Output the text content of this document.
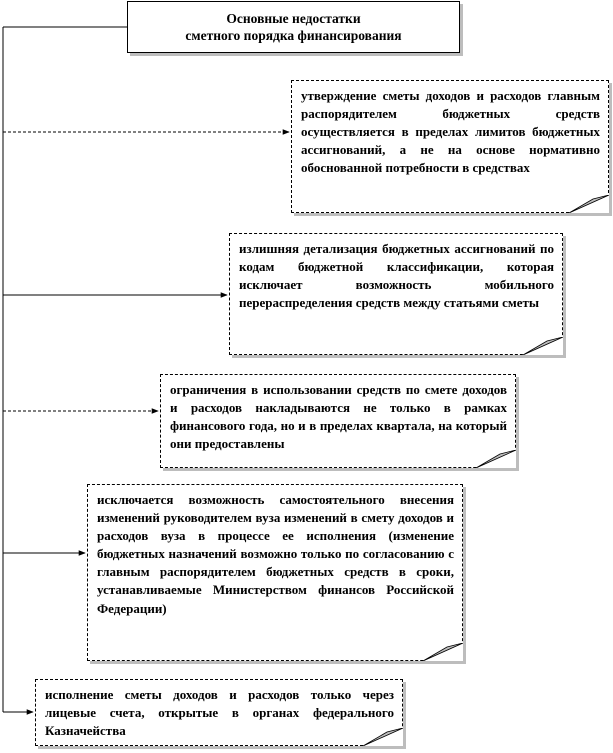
Основные недостатки
сметного порядка финансирования
утверждение сметы доходов и расходов главным распорядителем бюджетных средств осуществляется в пределах лимитов бюджетных ассигнований, а не на основе нормативно обоснованной потребности в средствах
излишняя детализация бюджетных ассигнований по кодам бюджетной классификации, которая исключает возможность мобильного перераспределения средств между статьями сметы
ограничения в использовании средств по смете доходов и расходов накладываются не только в рамках финансового года, но и в пределах квартала, на который они предоставлены
исключается возможность самостоятельного внесения изменений руководителем вуза изменений в смету доходов и расходов вуза в процессе ее исполнения (изменение бюджетных назначений возможно только по согласованию с главным распорядителем бюджетных средств в сроки, устанавливаемые Министерством финансов Российской Федерации)
исполнение сметы доходов и расходов только через лицевые счета, открытые в органах федерального Казначейства
